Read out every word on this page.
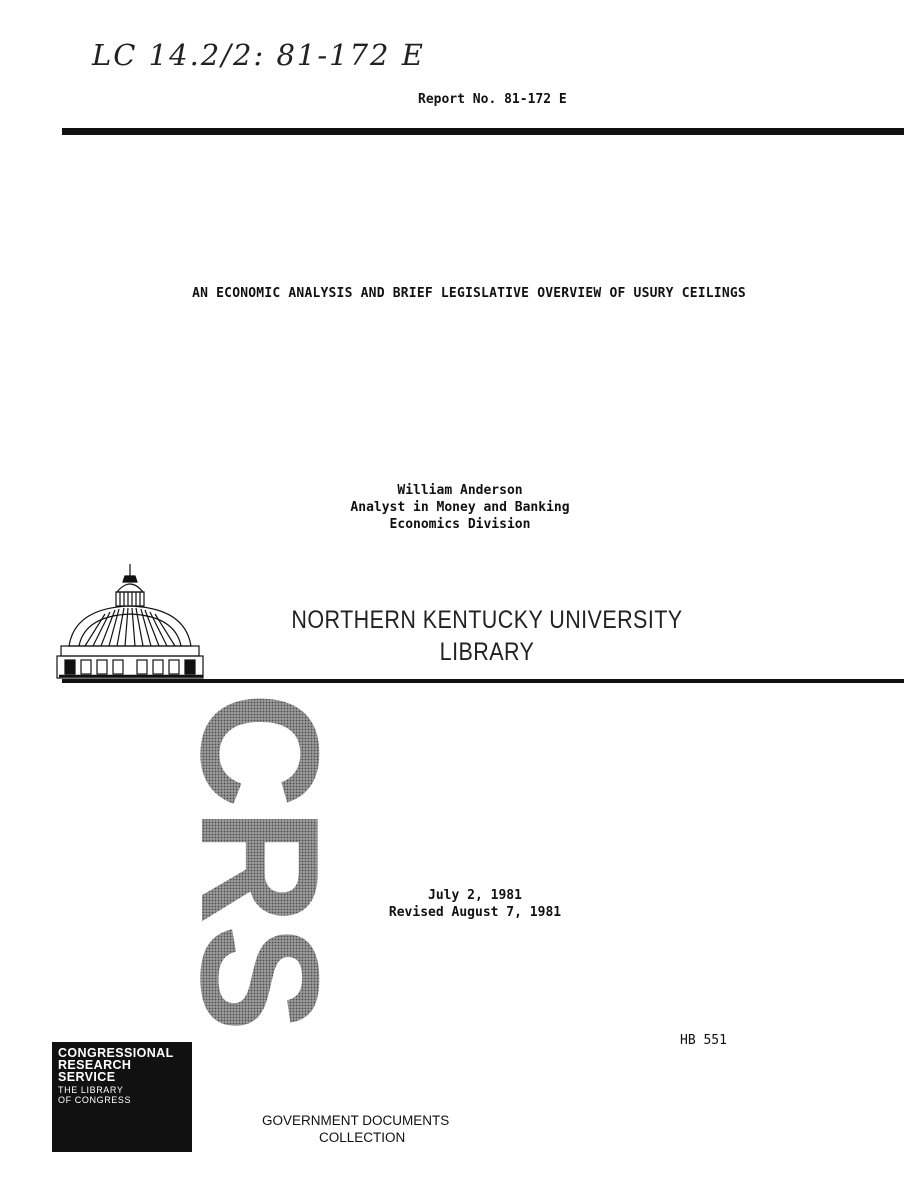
LC 14.2/2: 81-172 E
Report No. 81-172 E
AN ECONOMIC ANALYSIS AND BRIEF LEGISLATIVE OVERVIEW OF USURY CEILINGS
William Anderson
Analyst in Money and Banking
Economics Division
NORTHERN KENTUCKY UNIVERSITY
LIBRARY
CRS
CONGRESSIONAL
RESEARCH
SERVICE
THE LIBRARY
OF CONGRESS
July 2, 1981
Revised August 7, 1981
HB 551
GOVERNMENT DOCUMENTS
COLLECTION
